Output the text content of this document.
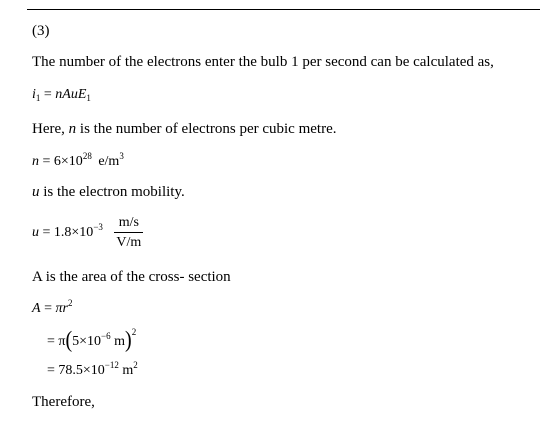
(3)
The number of the electrons enter the bulb 1 per second can be calculated as,
$i_1$ = nAuE$_1$
Here, n is the number of electrons per cubic metre.
$n = 6\times 10^{28}$ $e/m^3$
u is the electron mobility.
$u = 1.8\times 10^{-3} \frac{m/s}{V/m}$
A is the area of the cross- section
$A = \pi r^2$
= $\pi(5\times 10^{-6}$ m)$^2$
= $78.5\times 10^{-12}$ $m^2$
Therefore,
